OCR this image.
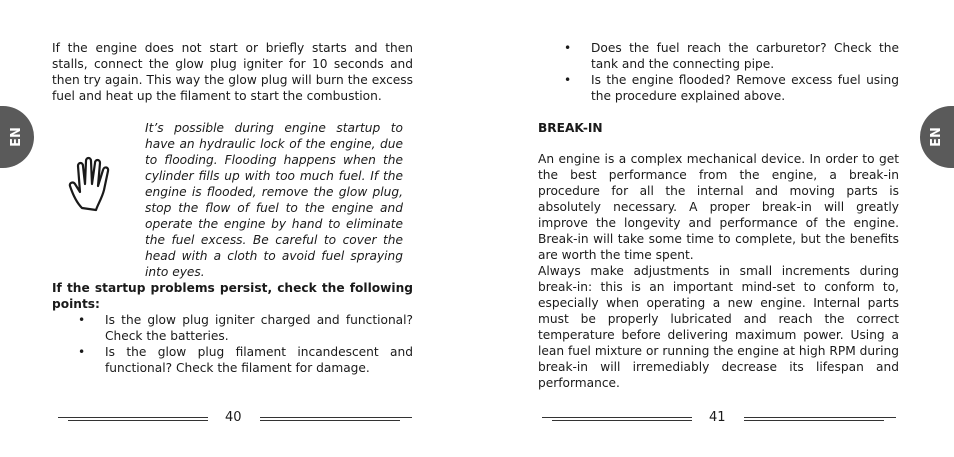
EN	EN

If the engine does not start or briefly starts and then stalls, connect the glow plug igniter for 10 seconds and then try again. This way the glow plug will burn the excess fuel and heat up the filament to start the combustion.

It’s possible during engine startup to have an hydraulic lock of the engine, due to flooding. Flooding happens when the cylinder fills up with too much fuel. If the engine is flooded, remove the glow plug, stop the flow of fuel to the engine and operate the engine by hand to eliminate the fuel excess. Be careful to cover the head with a cloth to avoid fuel spraying into eyes.

If the startup problems persist, check the following points:

• Is the glow plug igniter charged and functional? Check the batteries.
• Is the glow plug filament incandescent and functional? Check the filament for damage.
40
• Does the fuel reach the carburetor? Check the tank and the connecting pipe.
• Is the engine flooded? Remove excess fuel using the procedure explained above.
BREAK-IN

An engine is a complex mechanical device. In order to get the best performance from the engine, a break-in procedure for all the internal and moving parts is absolutely necessary. A proper break-in will greatly improve the longevity and performance of the engine. Break-in will take some time to complete, but the benefits are worth the time spent.

Always make adjustments in small increments during break-in: this is an important mind-set to conform to, especially when operating a new engine. Internal parts must be properly lubricated and reach the correct temperature before delivering maximum power. Using a lean fuel mixture or running the engine at high RPM during break-in will irremediably decrease its lifespan and performance.

41
